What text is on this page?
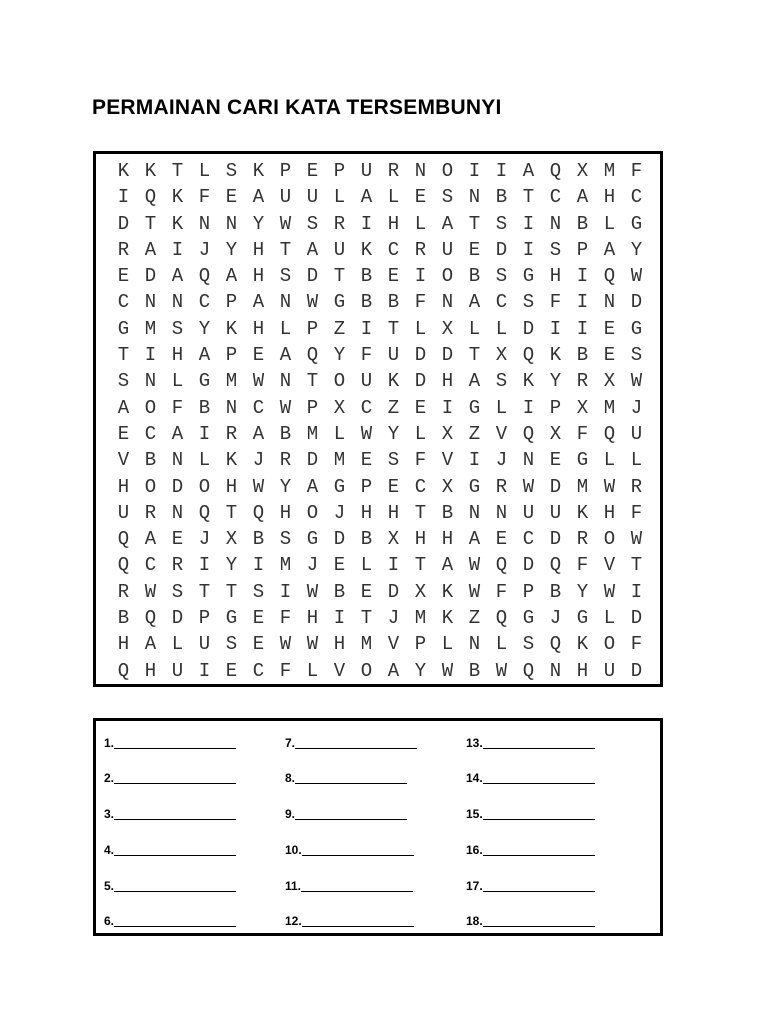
PERMAINAN CARI KATA TERSEMBUNYI
K K T L S K P E P U R N O I I A Q X M F
I Q K F E A U U L A L E S N B T C A H C
D T K N N Y W S R I H L A T S I N B L G
R A I J Y H T A U K C R U E D I S P A Y
E D A Q A H S D T B E I O B S G H I Q W
C N N C P A N W G B B F N A C S F I N D
G M S Y K H L P Z I T L X L L D I I E G
T I H A P E A Q Y F U D D T X Q K B E S
S N L G M W N T O U K D H A S K Y R X W
A O F B N C W P X C Z E I G L I P X M J
E C A I R A B M L W Y L X Z V Q X F Q U
V B N L K J R D M E S F V I J N E G L L
H O D O H W Y A G P E C X G R W D M W R
U R N Q T Q H O J H H T B N N U U K H F
Q A E J X B S G D B X H H A E C D R O W
Q C R I Y I M J E L I T A W Q D Q F V T
R W S T T S I W B E D X K W F P B Y W I
B Q D P G E F H I T J M K Z Q G J G L D
H A L U S E W W H M V P L N L S Q K O F
Q H U I E C F L V O A Y W B W Q N H U D
1.
2.
3.
4.
5.
6.
7.
8.
9.
10.
11.
12.
13.
14.
15.
16.
17.
18.
